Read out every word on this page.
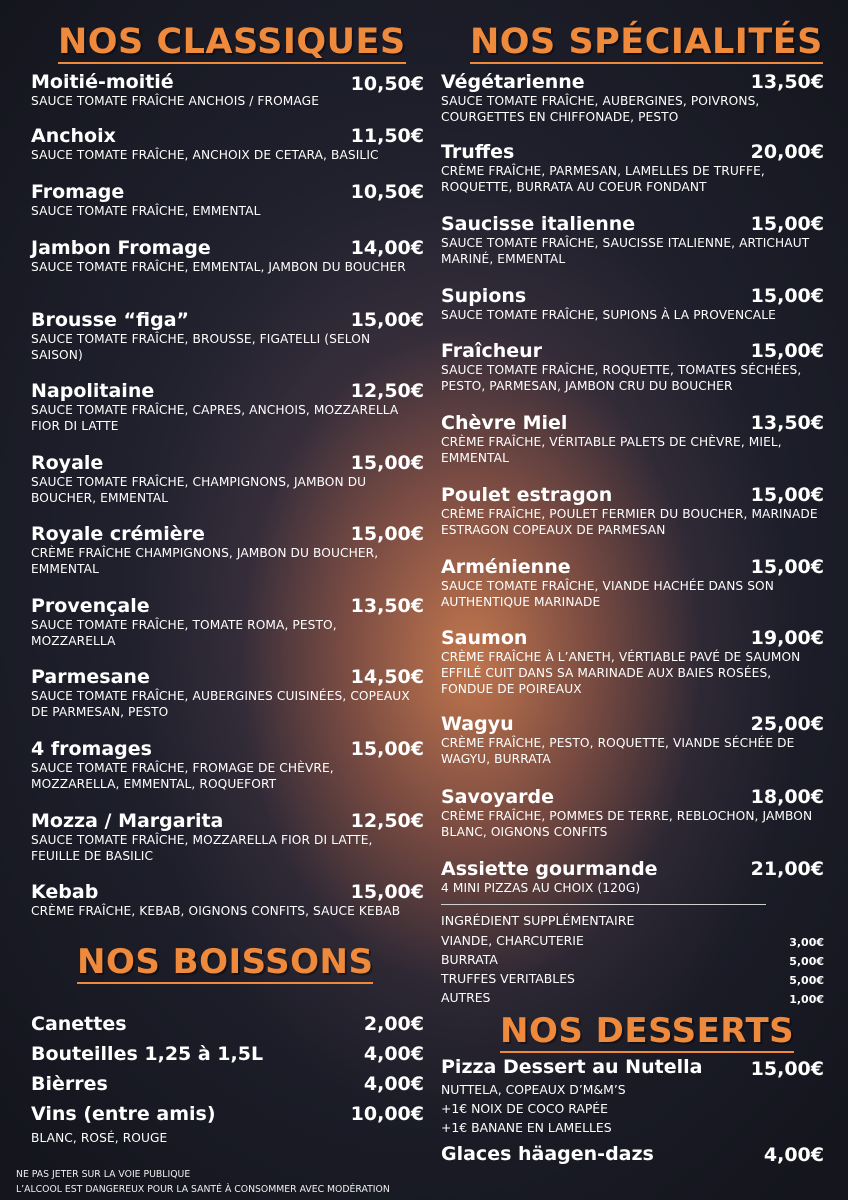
NOS CLASSIQUES
Moitié-moitié	10,50€
SAUCE TOMATE FRAÎCHE ANCHOIS / FROMAGE
Anchoix	11,50€
SAUCE TOMATE FRAÎCHE, ANCHOIX DE CETARA, BASILIC
Fromage	10,50€
SAUCE TOMATE FRAÎCHE, EMMENTAL
Jambon Fromage	14,00€
SAUCE TOMATE FRAÎCHE, EMMENTAL, JAMBON DU BOUCHER
Brousse “figa”	15,00€
SAUCE TOMATE FRAÎCHE, BROUSSE, FIGATELLI (SELON SAISON)
Napolitaine	12,50€
SAUCE TOMATE FRAÎCHE, CAPRES, ANCHOIS, MOZZARELLA FIOR DI LATTE
Royale	15,00€
SAUCE TOMATE FRAÎCHE, CHAMPIGNONS, JAMBON DU BOUCHER, EMMENTAL
Royale crémière	15,00€
CRÈME FRAÎCHE CHAMPIGNONS, JAMBON DU BOUCHER, EMMENTAL
Provençale	13,50€
SAUCE TOMATE FRAÎCHE, TOMATE ROMA, PESTO, MOZZARELLA
Parmesane	14,50€
SAUCE TOMATE FRAÎCHE, AUBERGINES CUISINÉES, COPEAUX DE PARMESAN, PESTO
4 fromages	15,00€
SAUCE TOMATE FRAÎCHE, FROMAGE DE CHÈVRE, MOZZARELLA, EMMENTAL, ROQUEFORT
Mozza / Margarita	12,50€
SAUCE TOMATE FRAÎCHE, MOZZARELLA FIOR DI LATTE, FEUILLE DE BASILIC
Kebab	15,00€
CRÈME FRAÎCHE, KEBAB, OIGNONS CONFITS, SAUCE KEBAB
NOS BOISSONS
Canettes	2,00€
Bouteilles 1,25 à 1,5L	4,00€
Bièrres	4,00€
Vins (entre amis)	10,00€
BLANC, ROSÉ, ROUGE
NOS SPÉCIALITÉS
Végétarienne	13,50€
SAUCE TOMATE FRAÎCHE, AUBERGINES, POIVRONS, COURGETTES EN CHIFFONADE, PESTO
Truffes	20,00€
CRÈME FRAÎCHE, PARMESAN, LAMELLES DE TRUFFE, ROQUETTE, BURRATA AU COEUR FONDANT
Saucisse italienne	15,00€
SAUCE TOMATE FRAÎCHE, SAUCISSE ITALIENNE, ARTICHAUT MARINÉ, EMMENTAL
Supions	15,00€
SAUCE TOMATE FRAÎCHE, SUPIONS À LA PROVENCALE
Fraîcheur	15,00€
SAUCE TOMATE FRAÎCHE, ROQUETTE, TOMATES SÉCHÉES, PESTO, PARMESAN, JAMBON CRU DU BOUCHER
Chèvre Miel	13,50€
CRÈME FRAÎCHE, VÉRITABLE PALETS DE CHÈVRE, MIEL, EMMENTAL
Poulet estragon	15,00€
CRÈME FRAÎCHE, POULET FERMIER DU BOUCHER, MARINADE ESTRAGON COPEAUX DE PARMESAN
Arménienne	15,00€
SAUCE TOMATE FRAÎCHE, VIANDE HACHÉE DANS SON AUTHENTIQUE MARINADE
Saumon	19,00€
CRÈME FRAÎCHE À L’ANETH, VÉRTIABLE PAVÉ DE SAUMON EFFILÉ CUIT DANS SA MARINADE AUX BAIES ROSÉES, FONDUE DE POIREAUX
Wagyu	25,00€
CRÈME FRAÎCHE, PESTO, ROQUETTE, VIANDE SÉCHÉE DE WAGYU, BURRATA
Savoyarde	18,00€
CRÈME FRAÎCHE, POMMES DE TERRE, REBLOCHON, JAMBON BLANC, OIGNONS CONFITS
Assiette gourmande	21,00€
4 MINI PIZZAS AU CHOIX (120G)
INGRÉDIENT SUPPLÉMENTAIRE
VIANDE, CHARCUTERIE	3,00€
BURRATA	5,00€
TRUFFES VERITABLES	5,00€
AUTRES	1,00€
NOS DESSERTS
Pizza Dessert au Nutella	15,00€
NUTTELA, COPEAUX D’M&M’S
+1€ NOIX DE COCO RAPÉE
+1€ BANANE EN LAMELLES
Glaces häagen-dazs	4,00€
NE PAS JETER SUR LA VOIE PUBLIQUE
L’ALCOOL EST DANGEREUX POUR LA SANTÉ À CONSOMMER AVEC MODÉRATION
